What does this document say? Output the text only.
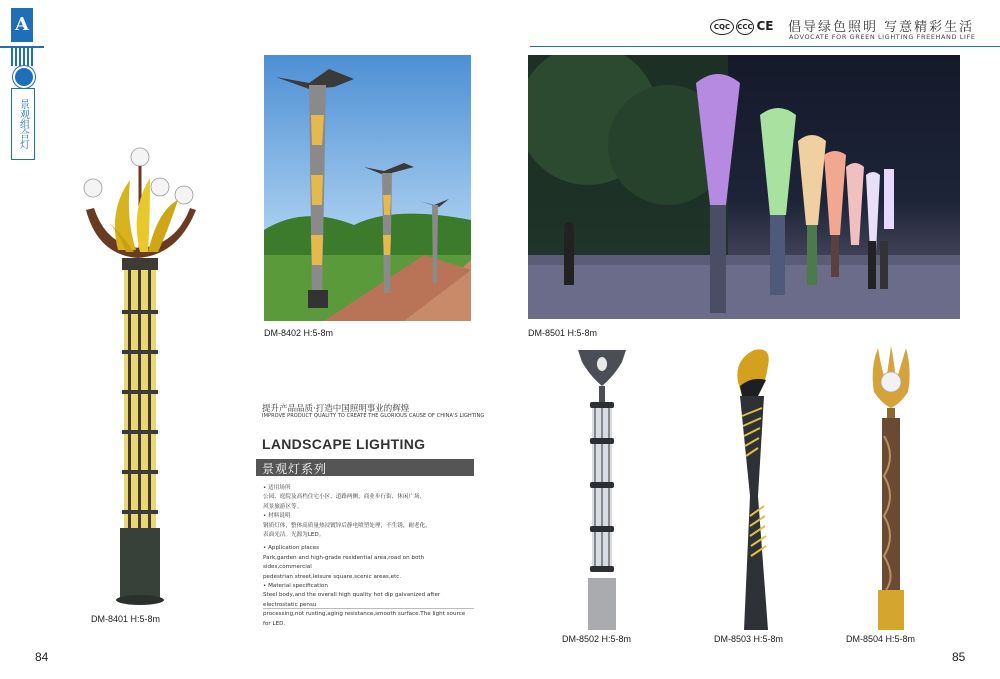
A
景观组合灯
CQC	CCC CE 倡导绿色照明 写意精彩生活
ADVOCATE FOR GREEN LIGHTING FREEHAND LIFE
DM-8401 H:5-8m
DM-8402 H:5-8m	DM-8501 H:5-8m
提升产品品质·打造中国照明事业的辉煌
IMPROVE PRODUCT QUALITY TO CREATE THE GLORIOUS CAUSE OF CHINA'S LIGHTING
LANDSCAPE LIGHTING
景观灯系列

• 适用场所

公园、庭院及高档住宅小区、道路两侧、商业步行街、休闲广场、

风景旅游区等。

• 材料说明

钢质灯体，整体高质量热浸镀锌后静电喷塑处理，不生锈，耐老化，

表面光洁。光源为LED。

• Application places

Park,garden and high-grade residential area,road on both sides,commercial

pedestrian street,leisure square,scenic areas,etc.

• Material specification

Steel body,and the overall high quality hot dip galvanized after electrostatic pensu

processing,not rusting,aging resistance,smooth surface.The light source for LED.

DM-8502 H:5-8m	DM-8503 H:5-8m	DM-8504 H:5-8m
84	85
